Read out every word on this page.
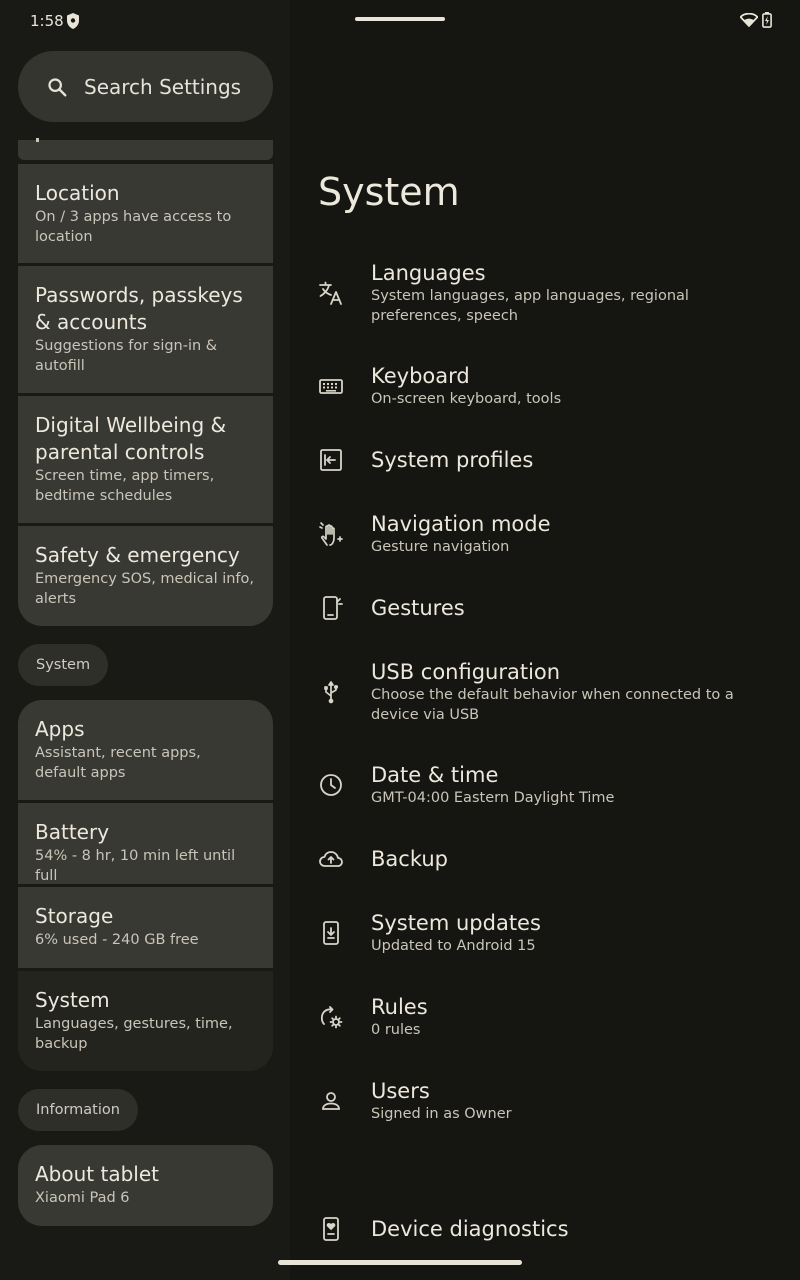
1:58
Search Settings
Location
On / 3 apps have access to location
Passwords, passkeys & accounts
Suggestions for sign-in & autofill
Digital Wellbeing & parental controls
Screen time, app timers, bedtime schedules
Safety & emergency
Emergency SOS, medical info, alerts
System
Apps
Assistant, recent apps, default apps
Battery
54% - 8 hr, 10 min left until full
Storage
6% used - 240 GB free
System
Languages, gestures, time, backup
Information
About tablet
Xiaomi Pad 6
System
Languages
System languages, app languages, regional preferences, speech
Keyboard
On-screen keyboard, tools
System profiles
Navigation mode
Gesture navigation
Gestures
USB configuration
Choose the default behavior when connected to a device via USB
Date & time
GMT-04:00 Eastern Daylight Time
Backup
System updates
Updated to Android 15
Rules
0 rules
Users
Signed in as Owner
Device diagnostics
